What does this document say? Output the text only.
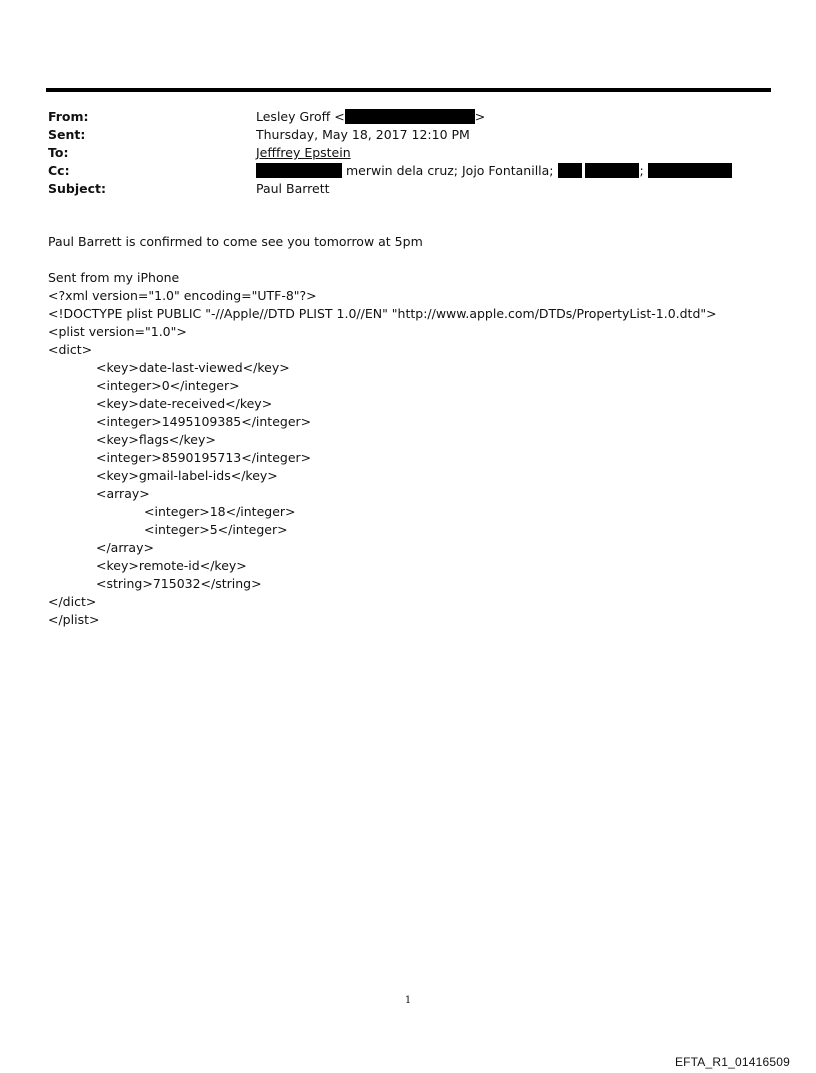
From:	Lesley Groff <	>
Sent:	Thursday, May 18, 2017 12:10 PM
To:	Jefffrey Epstein
Cc:	merwin dela cruz; Jojo Fontanilla;	;
Subject:	Paul Barrett
Paul Barrett is confirmed to come see you tomorrow at 5pm
Sent from my iPhone
<?xml version="1.0" encoding="UTF-8"?>
<!DOCTYPE plist PUBLIC "-//Apple//DTD PLIST 1.0//EN" "http://www.apple.com/DTDs/PropertyList-1.0.dtd">
<plist version="1.0">
<dict>
<key>date-last-viewed</key>
<integer>0</integer>
<key>date-received</key>
<integer>1495109385</integer>
<key>flags</key>
<integer>8590195713</integer>
<key>gmail-label-ids</key>
<array>
<integer>18</integer>
<integer>5</integer>
</array>
<key>remote-id</key>
<string>715032</string>
</dict>
</plist>
1
EFTA_R1_01416509
